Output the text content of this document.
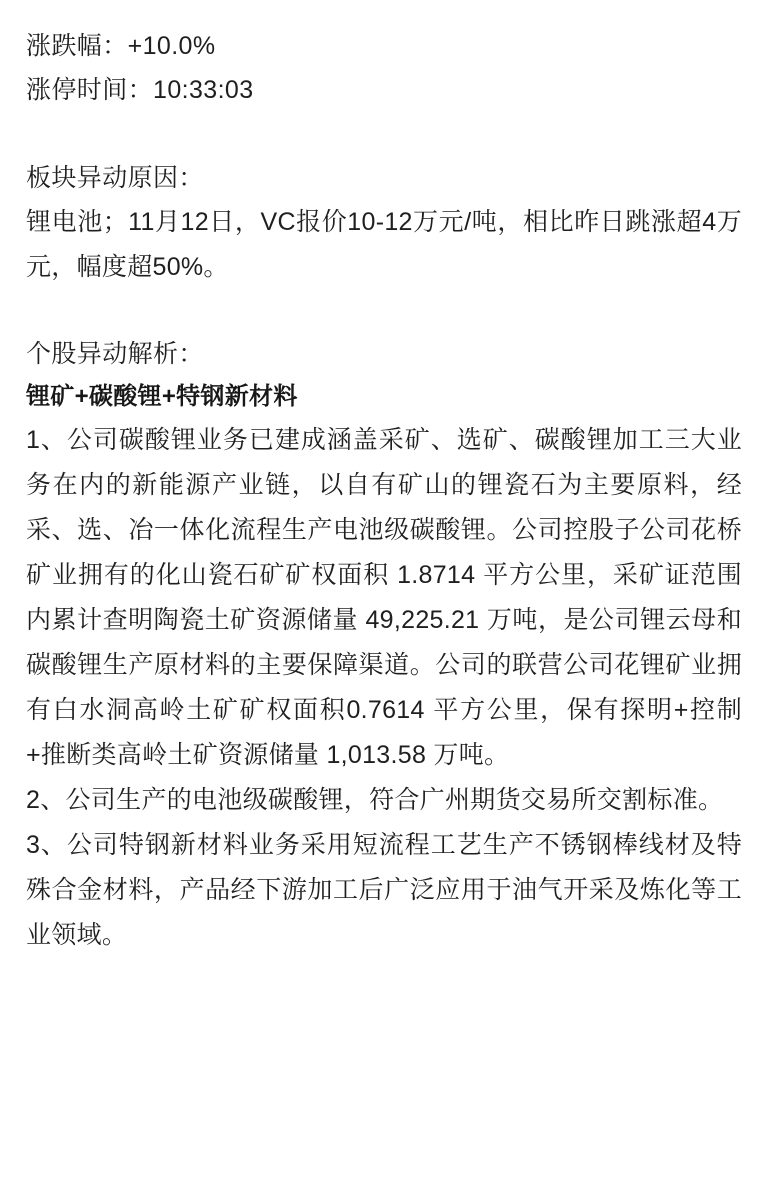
涨跌幅：+10.0%
涨停时间：10:33:03
板块异动原因：
锂电池；11月12日，VC报价10-12万元/吨，相比昨日跳涨超4万元，幅度超50%。
个股异动解析：
锂矿+碳酸锂+特钢新材料
1、公司碳酸锂业务已建成涵盖采矿、选矿、碳酸锂加工三大业务在内的新能源产业链，以自有矿山的锂瓷石为主要原料，经采、选、冶一体化流程生产电池级碳酸锂。公司控股子公司花桥矿业拥有的化山瓷石矿矿权面积 1.8714 平方公里，采矿证范围内累计查明陶瓷土矿资源储量 49,225.21 万吨，是公司锂云母和碳酸锂生产原材料的主要保障渠道。公司的联营公司花锂矿业拥有白水洞高岭土矿矿权面积0.7614 平方公里，保有探明+控制+推断类高岭土矿资源储量 1,013.58 万吨。
2、公司生产的电池级碳酸锂，符合广州期货交易所交割标准。
3、公司特钢新材料业务采用短流程工艺生产不锈钢棒线材及特殊合金材料，产品经下游加工后广泛应用于油气开采及炼化等工业领域。
